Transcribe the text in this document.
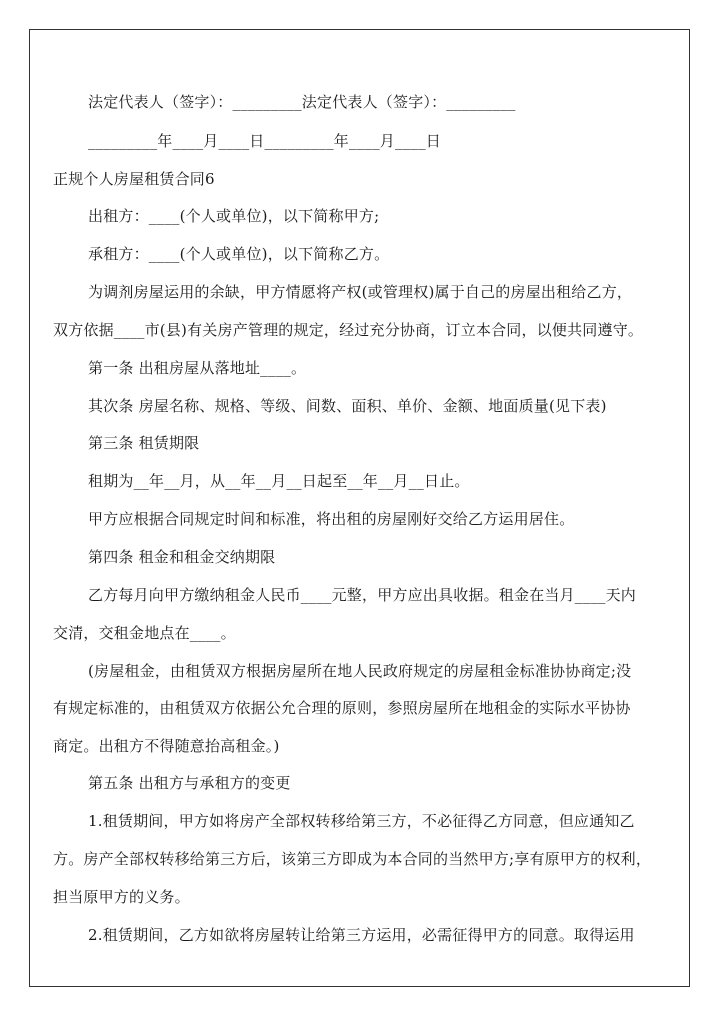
法定代表人（签字）：_________法定代表人（签字）：_________
_________年____月____日_________年____月____日
正规个人房屋租赁合同6
出租方：____(个人或单位)，以下简称甲方;
承租方：____(个人或单位)，以下简称乙方。
为调剂房屋运用的余缺，甲方情愿将产权(或管理权)属于自己的房屋出租给乙方，
双方依据____市(县)有关房产管理的规定，经过充分协商，订立本合同，以便共同遵守。
第一条 出租房屋从落地址____。
其次条 房屋名称、规格、等级、间数、面积、单价、金额、地面质量(见下表)
第三条 租赁期限
租期为__年__月，从__年__月__日起至__年__月__日止。
甲方应根据合同规定时间和标准，将出租的房屋刚好交给乙方运用居住。
第四条 租金和租金交纳期限
乙方每月向甲方缴纳租金人民币____元整，甲方应出具收据。租金在当月____天内
交清，交租金地点在____。
(房屋租金，由租赁双方根据房屋所在地人民政府规定的房屋租金标准协协商定;没
有规定标准的，由租赁双方依据公允合理的原则，参照房屋所在地租金的实际水平协协
商定。出租方不得随意抬高租金。)
第五条 出租方与承租方的变更
1.租赁期间，甲方如将房产全部权转移给第三方，不必征得乙方同意，但应通知乙
方。房产全部权转移给第三方后，该第三方即成为本合同的当然甲方;享有原甲方的权利，
担当原甲方的义务。
2.租赁期间，乙方如欲将房屋转让给第三方运用，必需征得甲方的同意。取得运用
